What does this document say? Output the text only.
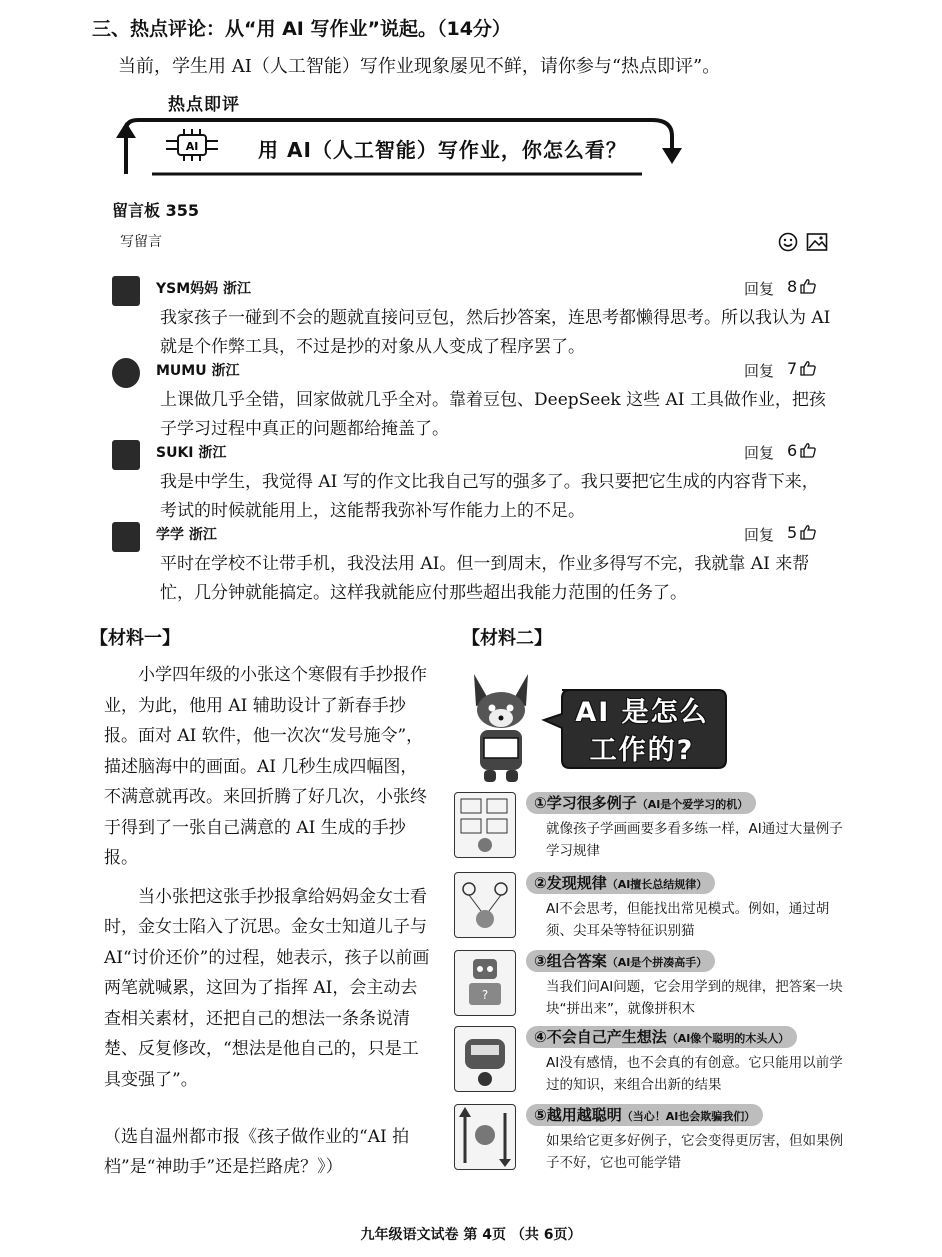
三、热点评论：从“用 AI 写作业”说起。（14分）
当前，学生用 AI（人工智能）写作业现象屡见不鲜，请你参与“热点即评”。
热点即评
AI	用 AI（人工智能）写作业，你怎么看？
留言板 355
写留言
YSM妈妈 浙江	回复 8
我家孩子一碰到不会的题就直接问豆包，然后抄答案，连思考都懒得思考。所以我认为 AI 就是个作弊工具，不过是抄的对象从人变成了程序罢了。
MUMU 浙江	回复 7
上课做几乎全错，回家做就几乎全对。靠着豆包、DeepSeek 这些 AI 工具做作业，把孩子学习过程中真正的问题都给掩盖了。
SUKI 浙江	回复 6
我是中学生，我觉得 AI 写的作文比我自己写的强多了。我只要把它生成的内容背下来，考试的时候就能用上，这能帮我弥补写作能力上的不足。
学学 浙江	回复 5
平时在学校不让带手机，我没法用 AI。但一到周末，作业多得写不完，我就靠 AI 来帮忙，几分钟就能搞定。这样我就能应付那些超出我能力范围的任务了。
【材料一】

小学四年级的小张这个寒假有手抄报作业，为此，他用 AI 辅助设计了新春手抄报。面对 AI 软件，他一次次“发号施令”，描述脑海中的画面。AI 几秒生成四幅图，不满意就再改。来回折腾了好几次，小张终于得到了一张自己满意的 AI 生成的手抄报。

当小张把这张手抄报拿给妈妈金女士看时，金女士陷入了沉思。金女士知道儿子与 AI“讨价还价”的过程，她表示，孩子以前画两笔就喊累，这回为了指挥 AI，会主动去查相关素材，还把自己的想法一条条说清楚、反复修改，“想法是他自己的，只是工具变强了”。

（选自温州都市报《孩子做作业的“AI 拍档”是“神助手”还是拦路虎？》）
【材料二】
AI 是怎么
工作的?
①学习很多例子（AI是个爱学习的机）
就像孩子学画画要多看多练一样，AI通过大量例子学习规律
②发现规律（AI擅长总结规律）
AI不会思考，但能找出常见模式。例如，通过胡须、尖耳朵等特征识别猫
?
③组合答案（AI是个拼凑高手）
当我们问AI问题，它会用学到的规律，把答案一块块“拼出来”，就像拼积木
④不会自己产生想法（AI像个聪明的木头人）
AI没有感情，也不会真的有创意。它只能用以前学过的知识，来组合出新的结果
⑤越用越聪明（当心！AI也会欺骗我们）
如果给它更多好例子，它会变得更厉害，但如果例子不好，它也可能学错
九年级语文试卷 第 4页 （共 6页）
